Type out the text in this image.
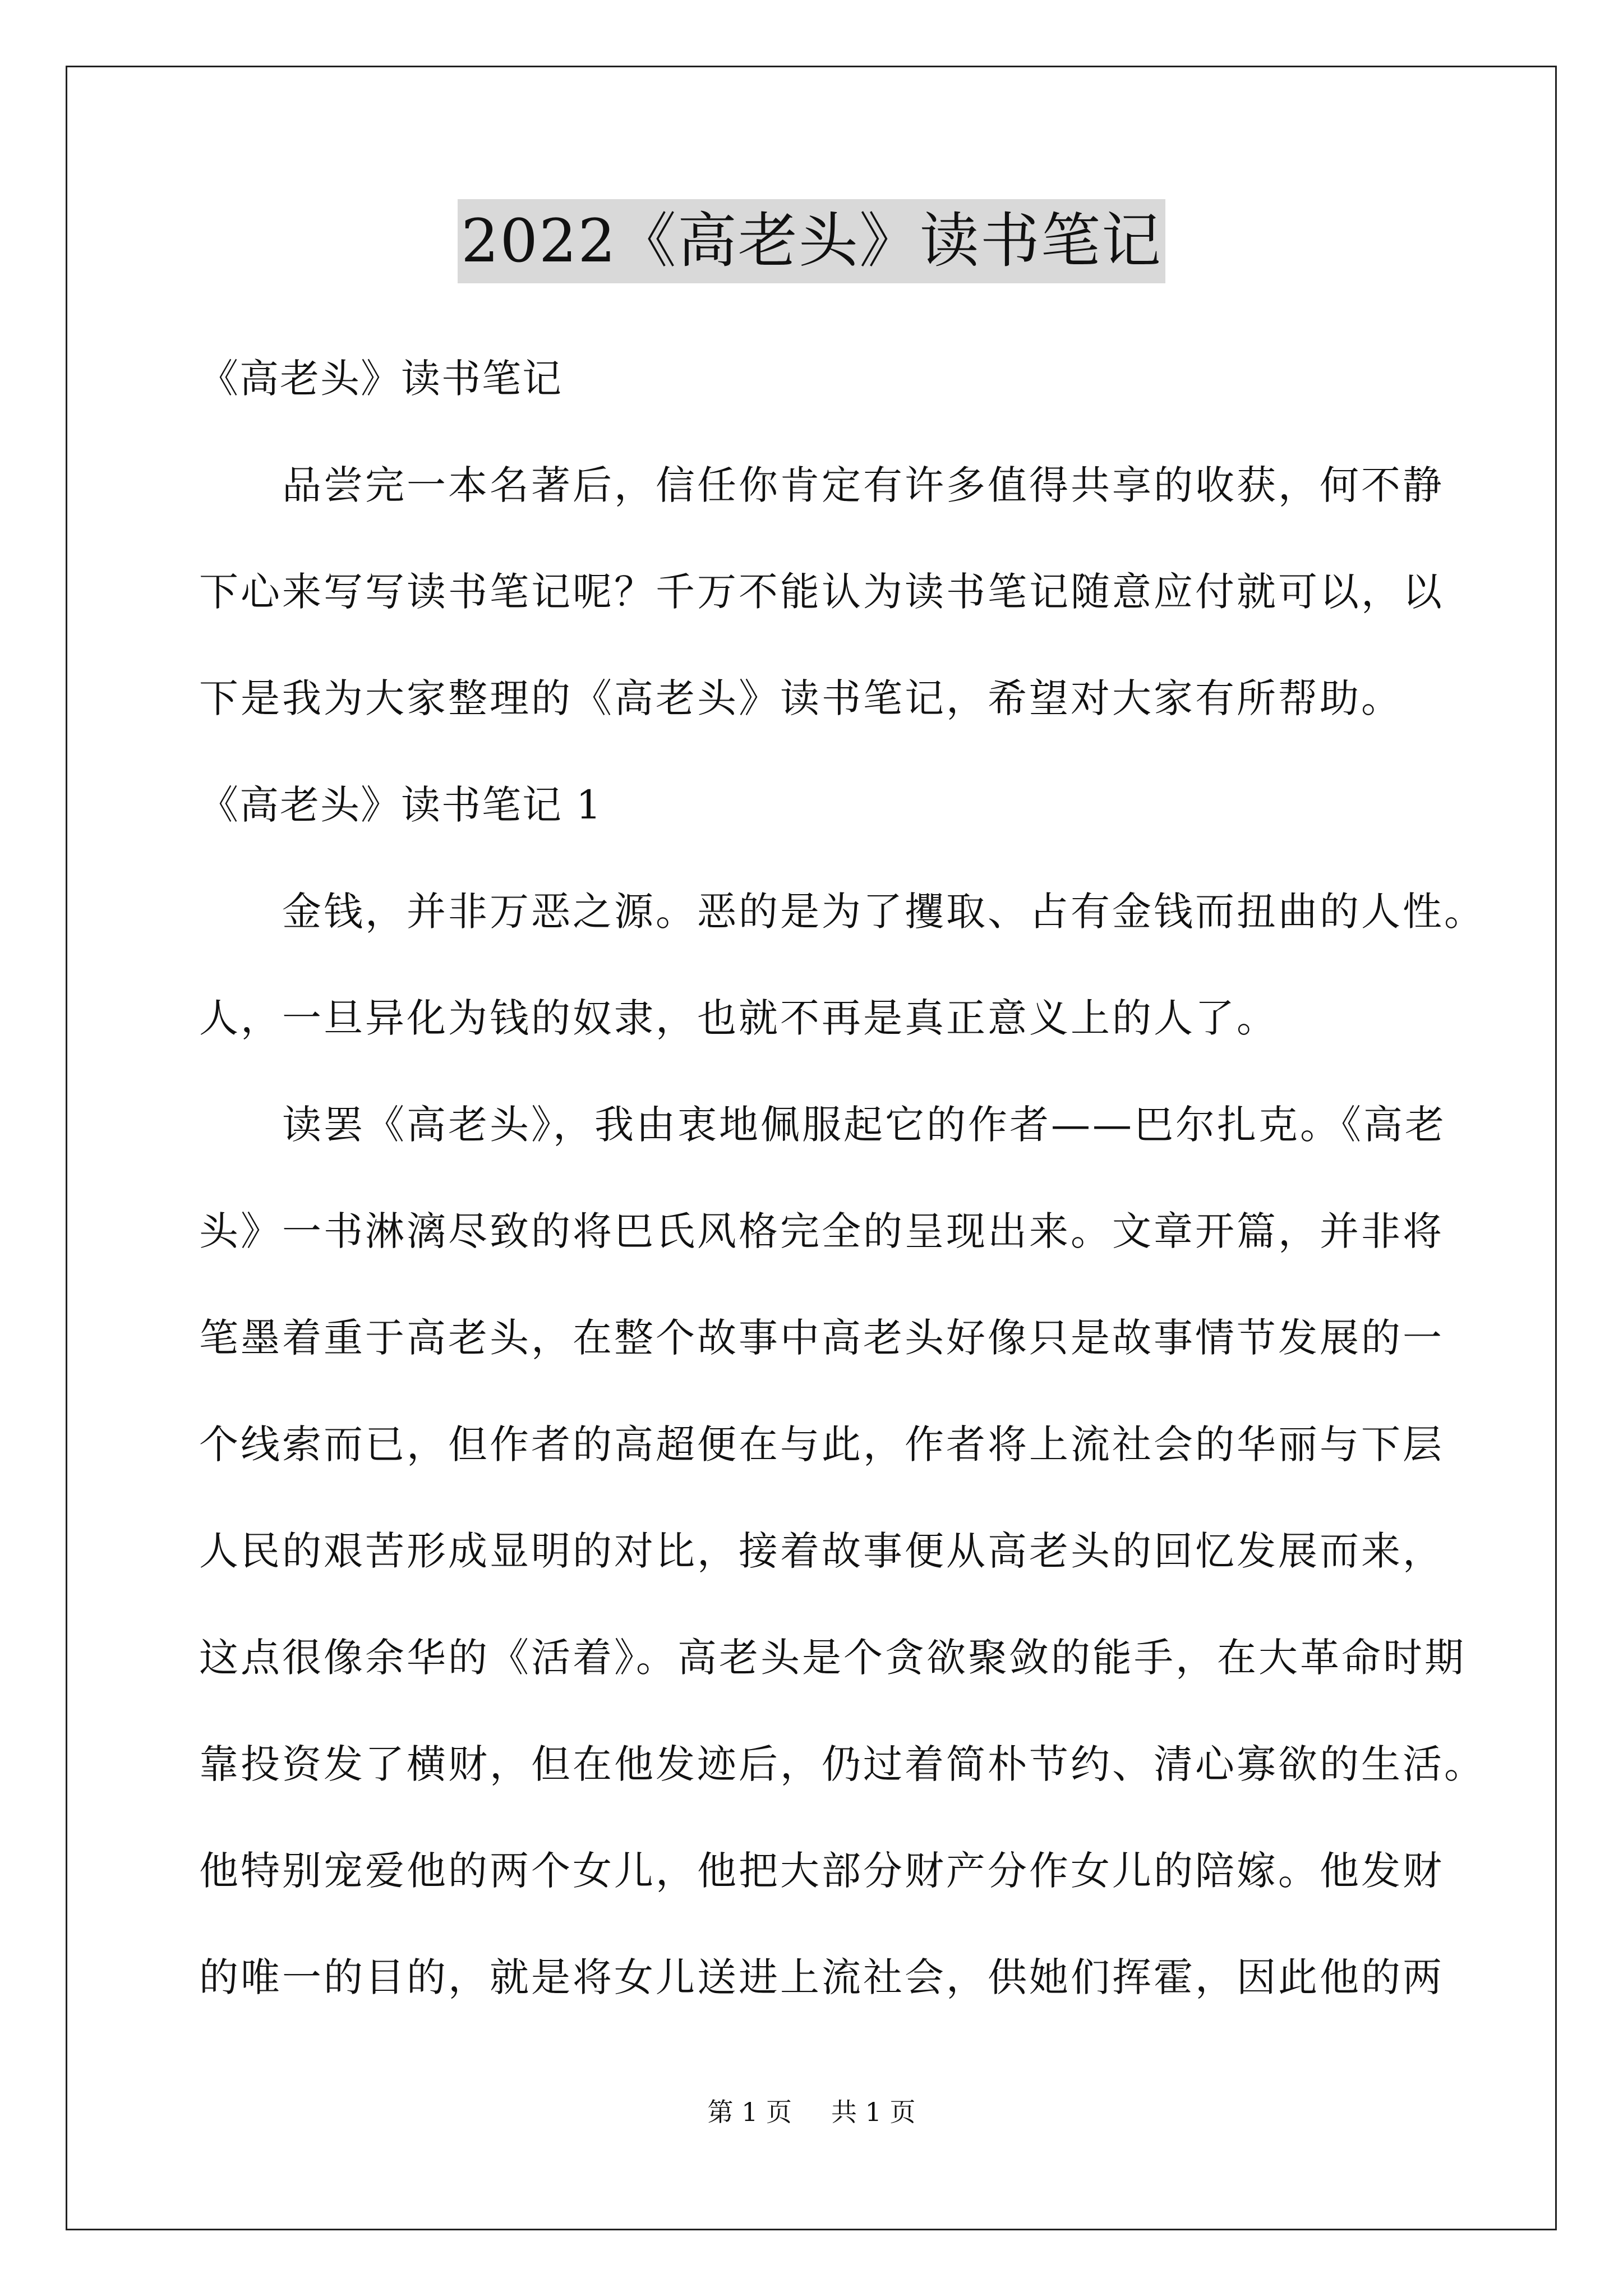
2022《高老头》读书笔记
《高老头》读书笔记
品尝完一本名著后，信任你肯定有许多值得共享的收获，何不静
下心来写写读书笔记呢？千万不能认为读书笔记随意应付就可以，以
下是我为大家整理的《高老头》读书笔记，希望对大家有所帮助。
《高老头》读书笔记 1
金钱，并非万恶之源。恶的是为了攫取、占有金钱而扭曲的人性。
人，一旦异化为钱的奴隶，也就不再是真正意义上的人了。
读罢《高老头》，我由衷地佩服起它的作者——巴尔扎克。《高老
头》一书淋漓尽致的将巴氏风格完全的呈现出来。文章开篇，并非将
笔墨着重于高老头，在整个故事中高老头好像只是故事情节发展的一
个线索而已，但作者的高超便在与此，作者将上流社会的华丽与下层
人民的艰苦形成显明的对比，接着故事便从高老头的回忆发展而来，
这点很像余华的《活着》。高老头是个贪欲聚敛的能手，在大革命时期
靠投资发了横财，但在他发迹后，仍过着简朴节约、清心寡欲的生活。
他特别宠爱他的两个女儿，他把大部分财产分作女儿的陪嫁。他发财
的唯一的目的，就是将女儿送进上流社会，供她们挥霍，因此他的两
第 1 页 共 1 页
